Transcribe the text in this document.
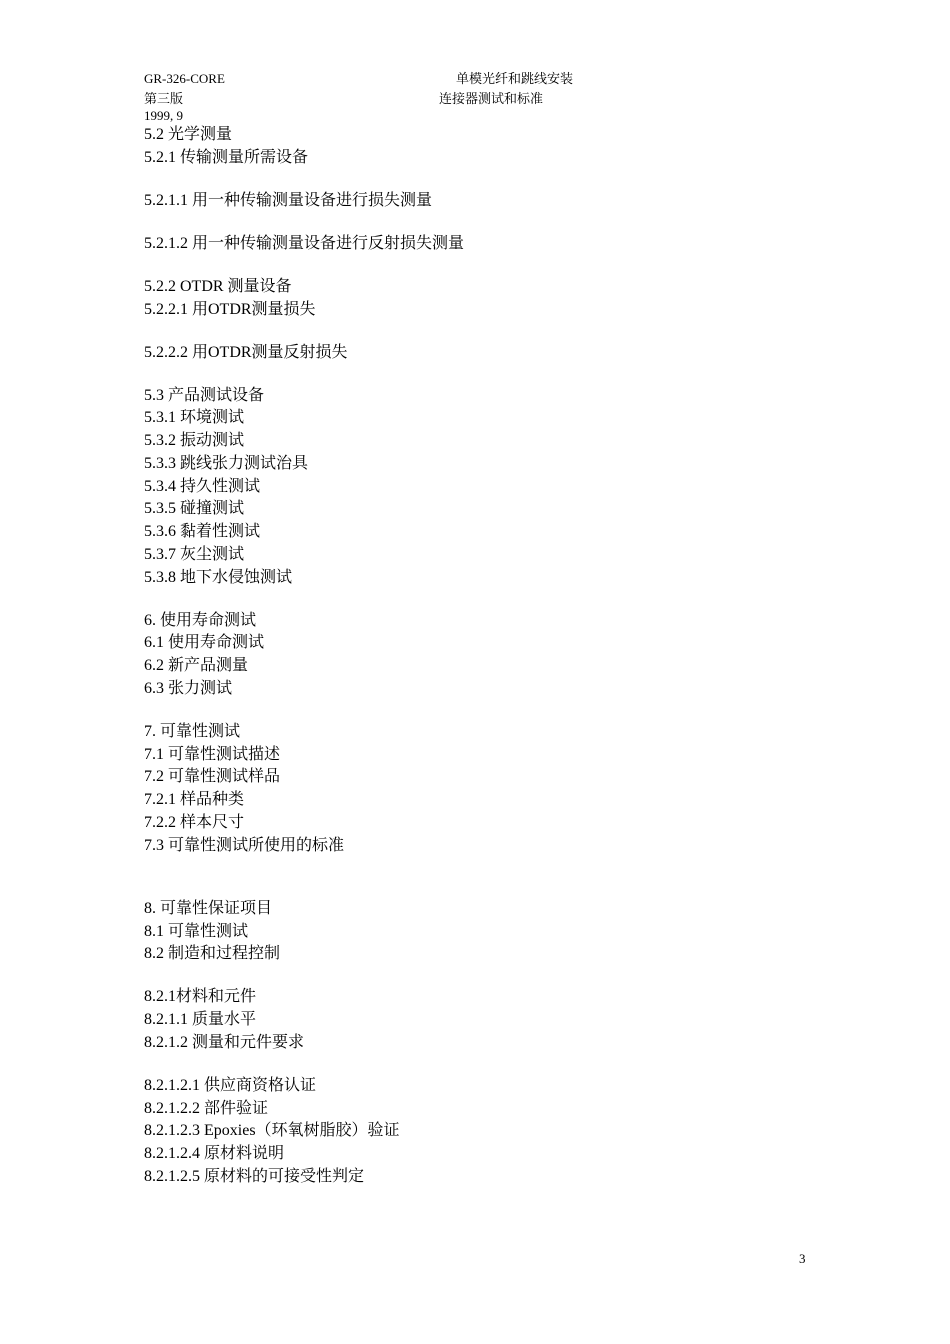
GR-326-CORE
第三版
1999, 9
单模光纤和跳线安装
连接器测试和标准
5.2 光学测量
5.2.1 传输测量所需设备
5.2.1.1 用一种传输测量设备进行损失测量
5.2.1.2 用一种传输测量设备进行反射损失测量
5.2.2 OTDR 测量设备
5.2.2.1 用OTDR测量损失
5.2.2.2 用OTDR测量反射损失
5.3 产品测试设备
5.3.1 环境测试
5.3.2 振动测试
5.3.3 跳线张力测试治具
5.3.4 持久性测试
5.3.5 碰撞测试
5.3.6 黏着性测试
5.3.7 灰尘测试
5.3.8 地下水侵蚀测试
6. 使用寿命测试
6.1 使用寿命测试
6.2 新产品测量
6.3 张力测试
7. 可靠性测试
7.1 可靠性测试描述
7.2 可靠性测试样品
7.2.1 样品种类
7.2.2 样本尺寸
7.3 可靠性测试所使用的标准
8. 可靠性保证项目
8.1 可靠性测试
8.2 制造和过程控制
8.2.1材料和元件
8.2.1.1 质量水平
8.2.1.2 测量和元件要求
8.2.1.2.1 供应商资格认证
8.2.1.2.2 部件验证
8.2.1.2.3 Epoxies（环氧树脂胶）验证
8.2.1.2.4 原材料说明
8.2.1.2.5 原材料的可接受性判定
3
